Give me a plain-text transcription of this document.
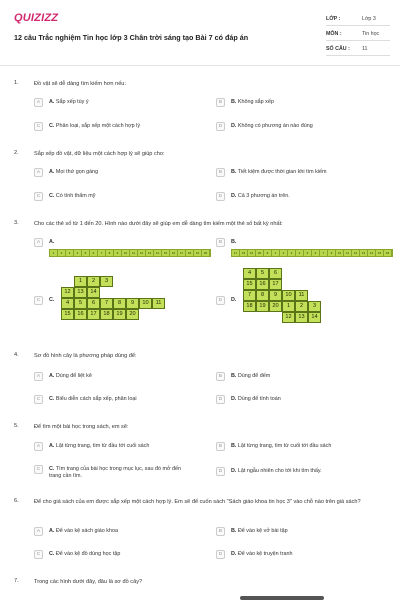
QUIZIZZ
12 câu Trắc nghiệm Tin học lớp 3 Chân trời sáng tạo Bài 7 có đáp án
LỚP :	Lớp 3
MÔN :	Tin học
SỐ CÂU : 11
1.	Đồ vật sẽ dễ dàng tìm kiếm hơn nếu:
A	A. Sắp xếp tùy ý	B	B. Không sắp xếp
C	C. Phân loại, sắp xếp một cách hợp lý	D	D. Không có phương án nào đúng
2.	Sắp xếp đồ vật, dữ liệu một cách hợp lý sẽ giúp cho:
A	A. Mọi thứ gọn gàng	B	B. Tiết kiệm được thời gian khi tìm kiếm
C	C. Có tính thẩm mỹ	D	D. Cả 3 phương án trên.
3.	Cho các thẻ số từ 1 đến 20. Hình nào dưới đây sẽ giúp em dễ dàng tìm kiếm một thẻ số bất kỳ nhất:
A	A.
1	2	3	4	5	6	7	8	9	10	11	12	13	14	15	16	17	18	19	20
B	B.
17	19	16	20	8	1	2	3	4	5	6	7	9	10	11	12	13	14	15	18
C	C.
1	2	3
12	13	14
4	5	6	7	8	9	10	11
15	16	17	18	19	20
D	D.
4	5	6
15	16	17
7	8	9	10	11
18	19	20	1	2	3
12	13	14
4.	Sơ đồ hình cây là phương pháp dùng để:
A	A. Dùng để liệt kê	B	B. Dùng để đếm
C	C. Biểu diễn cách sắp xếp, phân loại	D	D. Dùng để tính toán
5.	Để tìm một bài học trong sách, em sẽ:
A	A. Lật từng trang, tìm từ đầu tới cuối sách	B	B. Lật từng trang, tìm từ cuối tới đầu sách
C	C. Tìm trang của bài học trong mục lục, sau đó mở đến trang cần tìm.
D	D. Lật ngẫu nhiên cho tới khi tìm thấy.
6.	Để cho giá sách của em được sắp xếp một cách hợp lý. Em sẽ để cuốn sách "Sách giáo khoa tin học 3" vào chỗ nào trên giá sách?
A	A. Để vào kệ sách giáo khoa	B	B. Để vào kệ vở bài tập
C	C. Để vào kệ đồ dùng học tập	D	D. Để vào kệ truyện tranh
7.	Trong các hình dưới đây, đâu là sơ đồ cây?
